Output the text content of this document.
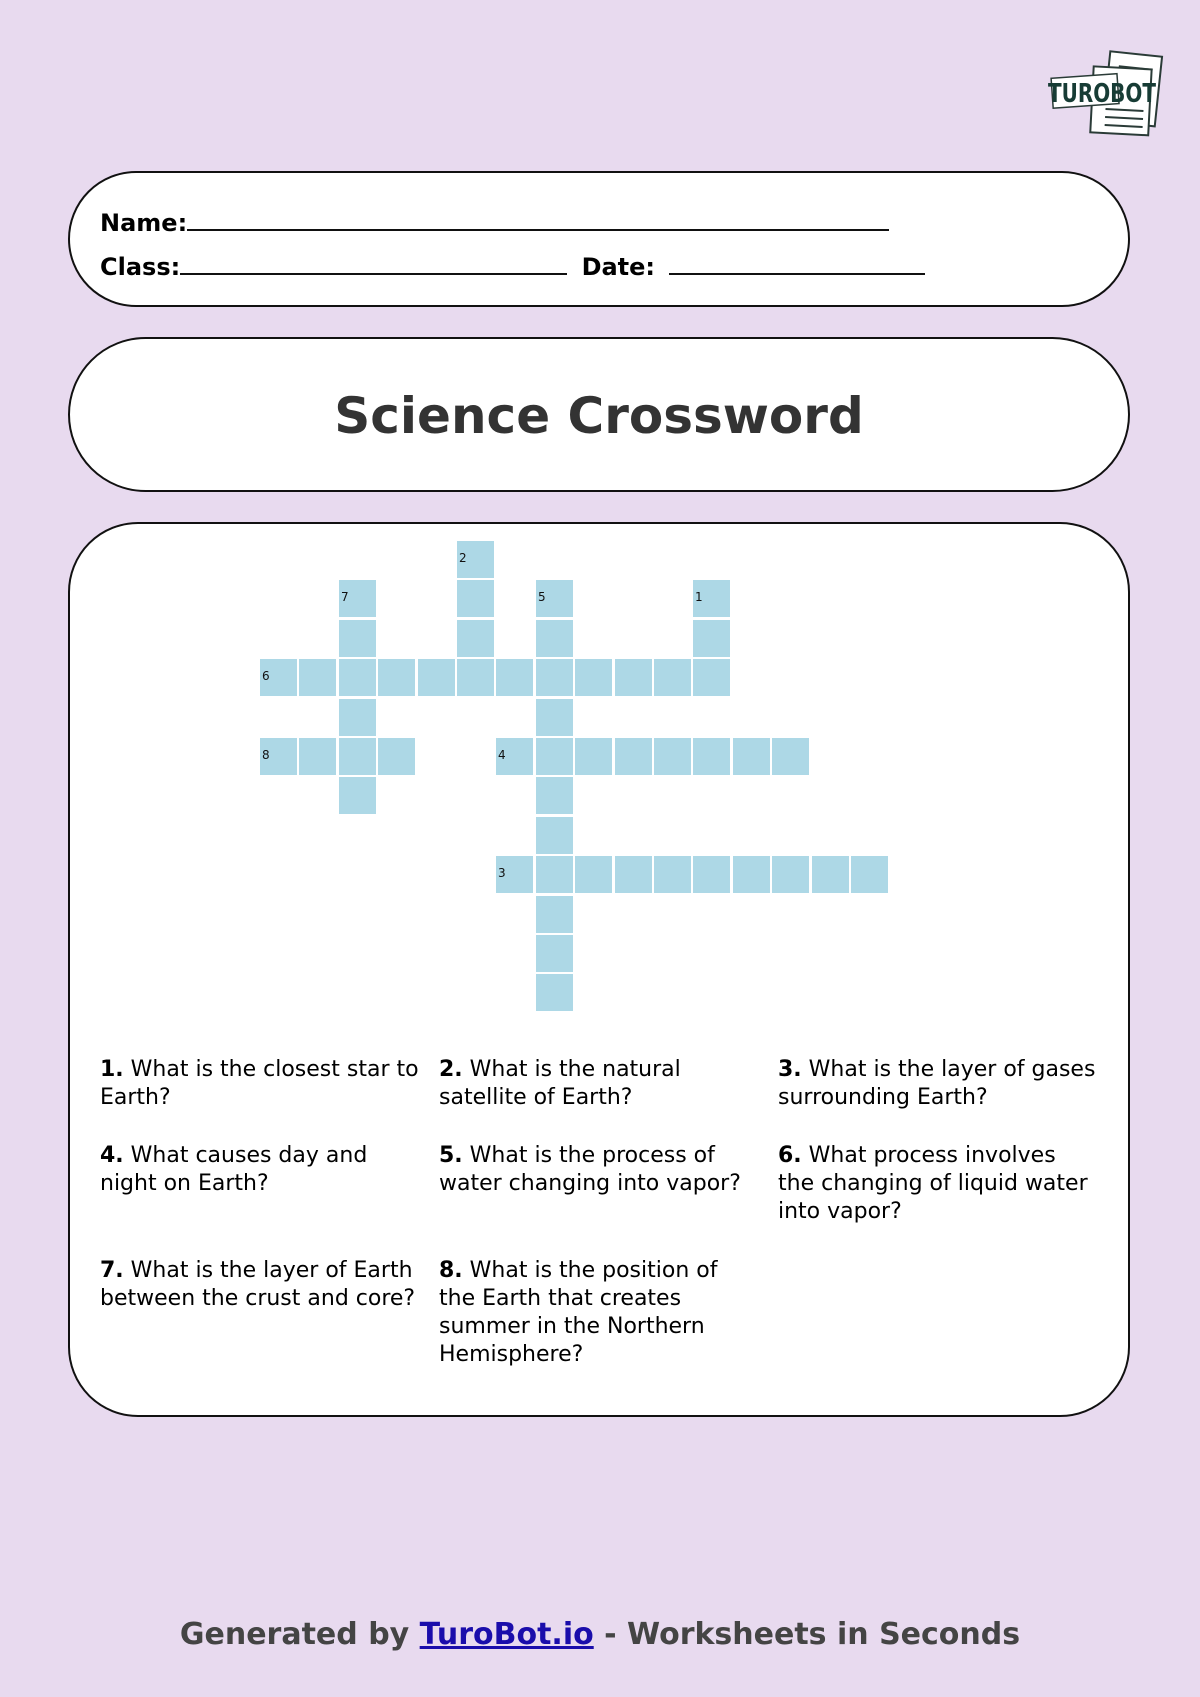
TUROBOT
Name:
Class:	Date:
Science Crossword
2
7	5	1
6
8	4
3
1. What is the closest star to Earth?
2. What is the natural satellite of Earth?
3. What is the layer of gases surrounding Earth?
4. What causes day and night on Earth?
5. What is the process of water changing into vapor?
6. What process involves the changing of liquid water into vapor?
7. What is the layer of Earth between the crust and core?
8. What is the position of the Earth that creates summer in the Northern Hemisphere?
Generated by TuroBot.io - Worksheets in Seconds
